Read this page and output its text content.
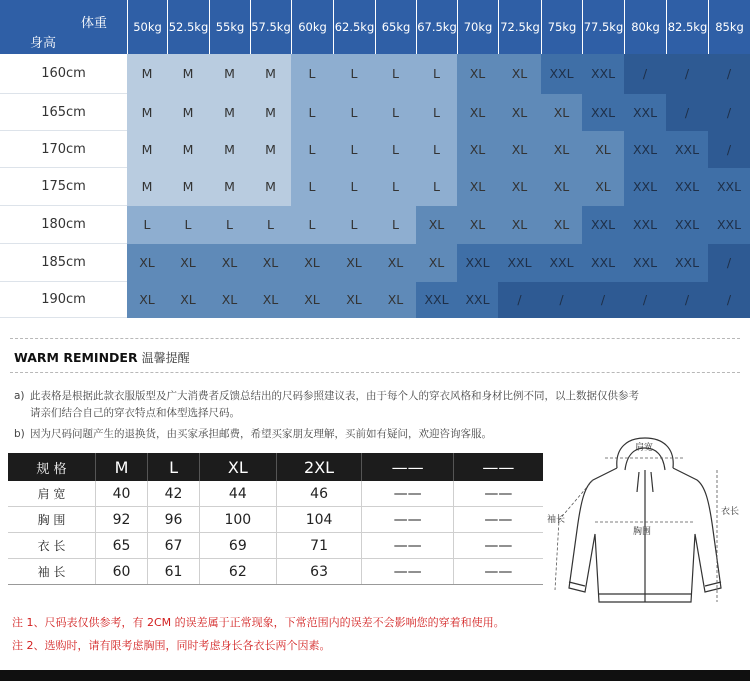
体重
身高
160cm	M	M	M	M	L	L	L	L	XL	XL	XXL	XXL	/	/	/
165cm	M	M	M	M	L	L	L	L	XL	XL	XL	XXL	XXL	/	/
170cm	M	M	M	M	L	L	L	L	XL	XL	XL	XL	XXL	XXL	/
175cm	M	M	M	M	L	L	L	L	XL	XL	XL	XL	XXL	XXL	XXL
180cm	L	L	L	L	L	L	L	XL	XL	XL	XL	XXL	XXL	XXL	XXL
185cm	XL	XL	XL	XL	XL	XL	XL	XL	XXL	XXL	XXL	XXL	XXL	XXL	/
190cm	XL	XL	XL	XL	XL	XL	XL	XXL	XXL	/	/	/	/	/	/
50kg 52.5kg 55kg 57.5kg 60kg 62.5kg 65kg 67.5kg 70kg 72.5kg 75kg 77.5kg 80kg 82.5kg 85kg
WARM REMINDER 温馨提醒
a) 此表格是根据此款衣服版型及广大消费者反馈总结出的尺码参照建议表，由于每个人的穿衣风格和身材比例不同，以上数据仅供参考
请亲们结合自己的穿衣特点和体型选择尺码。
b) 因为尺码问题产生的退换货，由买家承担邮费，希望买家朋友理解，买前如有疑问，欢迎咨询客服。
规 格	M	L	XL	2XL	——	——
肩 宽	40	42	44	46	——	——
胸 围	92	96	100	104	——	——
衣 长	65	67	69	71	——	——
袖 长	60	61	62	63	——	——
肩宽
袖长
胸围
衣长
注 1、尺码表仅供参考，有 2CM 的误差属于正常现象，下常范围内的误差不会影响您的穿着和使用。
注 2、选购时，请有限考虑胸围，同时考虑身长各衣长两个因素。
